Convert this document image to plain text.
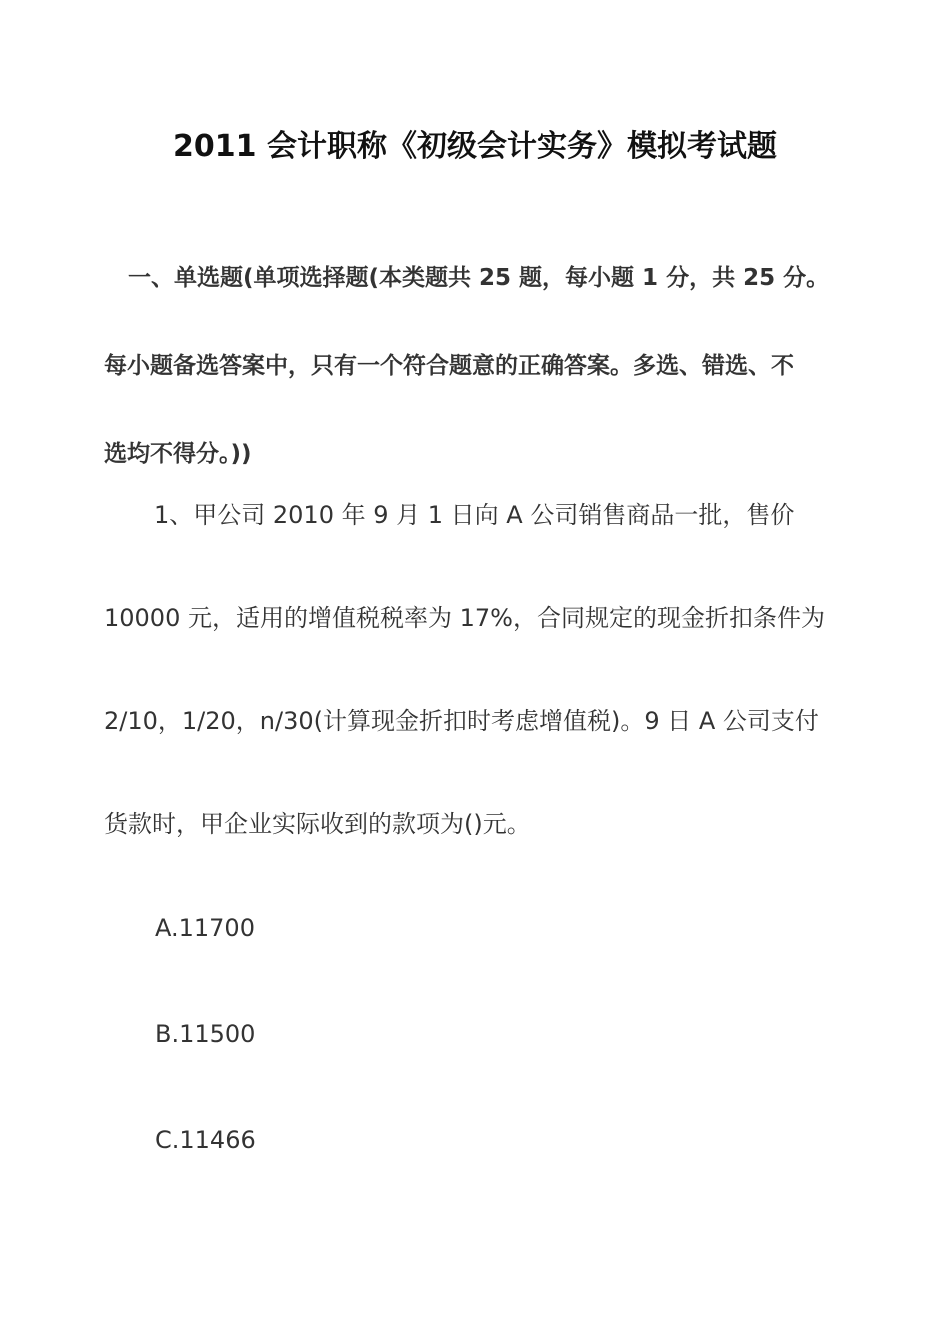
2011 会计职称《初级会计实务》模拟考试题
一、单选题(单项选择题(本类题共 25 题，每小题 1 分，共 25 分。
每小题备选答案中，只有一个符合题意的正确答案。多选、错选、不
选均不得分。))
1、甲公司 2010 年 9 月 1 日向 A 公司销售商品一批，售价
10000 元，适用的增值税税率为 17%，合同规定的现金折扣条件为
2/10，1/20，n/30(计算现金折扣时考虑增值税)。9 日 A 公司支付
货款时，甲企业实际收到的款项为()元。
A.11700
B.11500
C.11466
